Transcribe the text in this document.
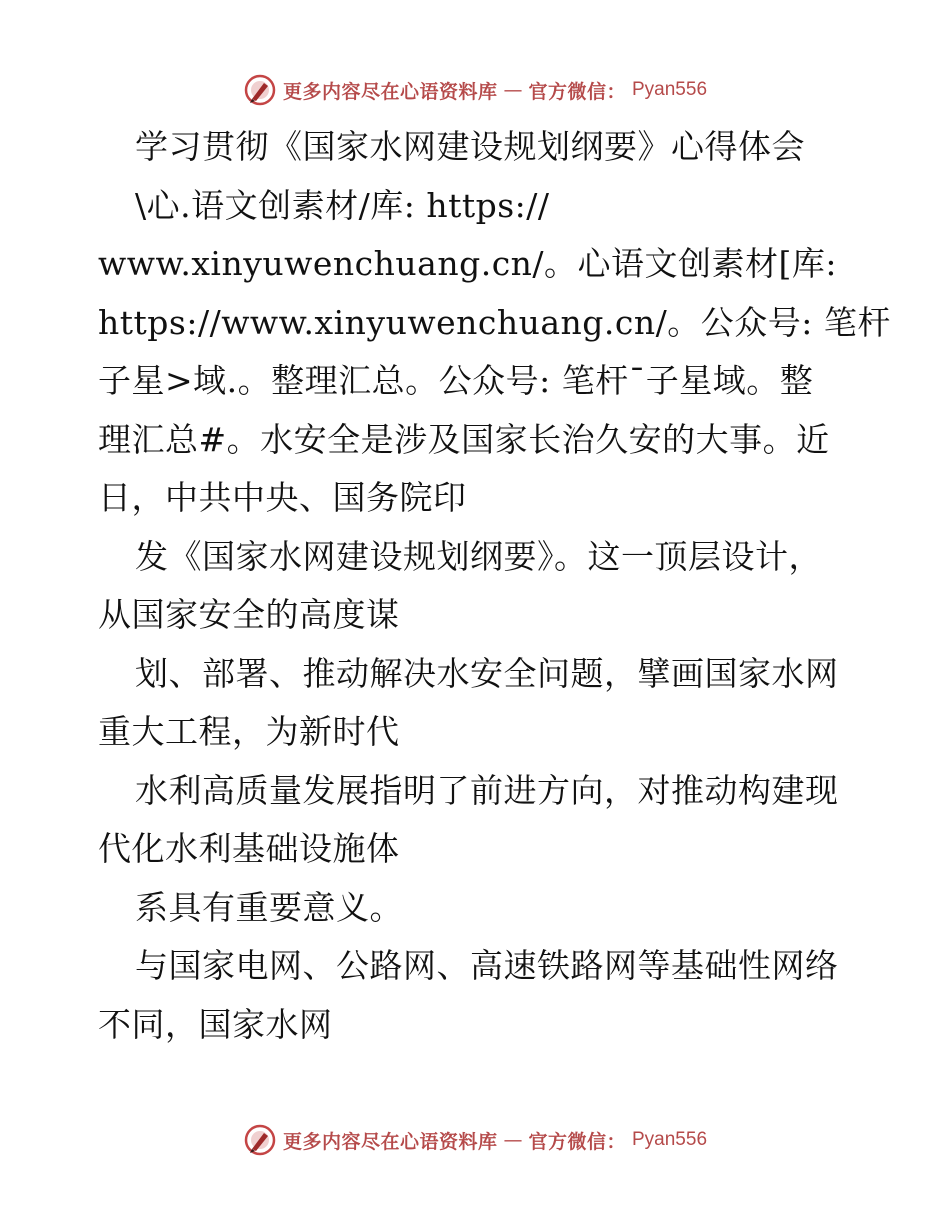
更多内容尽在心语资料库 — 官方微信： Pyan556
学习贯彻《国家水网建设规划纲要》心得体会
\心.语文创素材/库: https://
www.xinyuwenchuang.cn/。心语文创素材[库:
https://www.xinyuwenchuang.cn/。公众号: 笔杆
子星>域.。整理汇总。公众号: 笔杆¯子星域。整
理汇总#。水安全是涉及国家长治久安的大事。近
日，中共中央、国务院印
发《国家水网建设规划纲要》。这一顶层设计，
从国家安全的高度谋
划、部署、推动解决水安全问题，擘画国家水网
重大工程，为新时代
水利高质量发展指明了前进方向，对推动构建现
代化水利基础设施体
系具有重要意义。
与国家电网、公路网、高速铁路网等基础性网络
不同，国家水网
更多内容尽在心语资料库 — 官方微信： Pyan556
